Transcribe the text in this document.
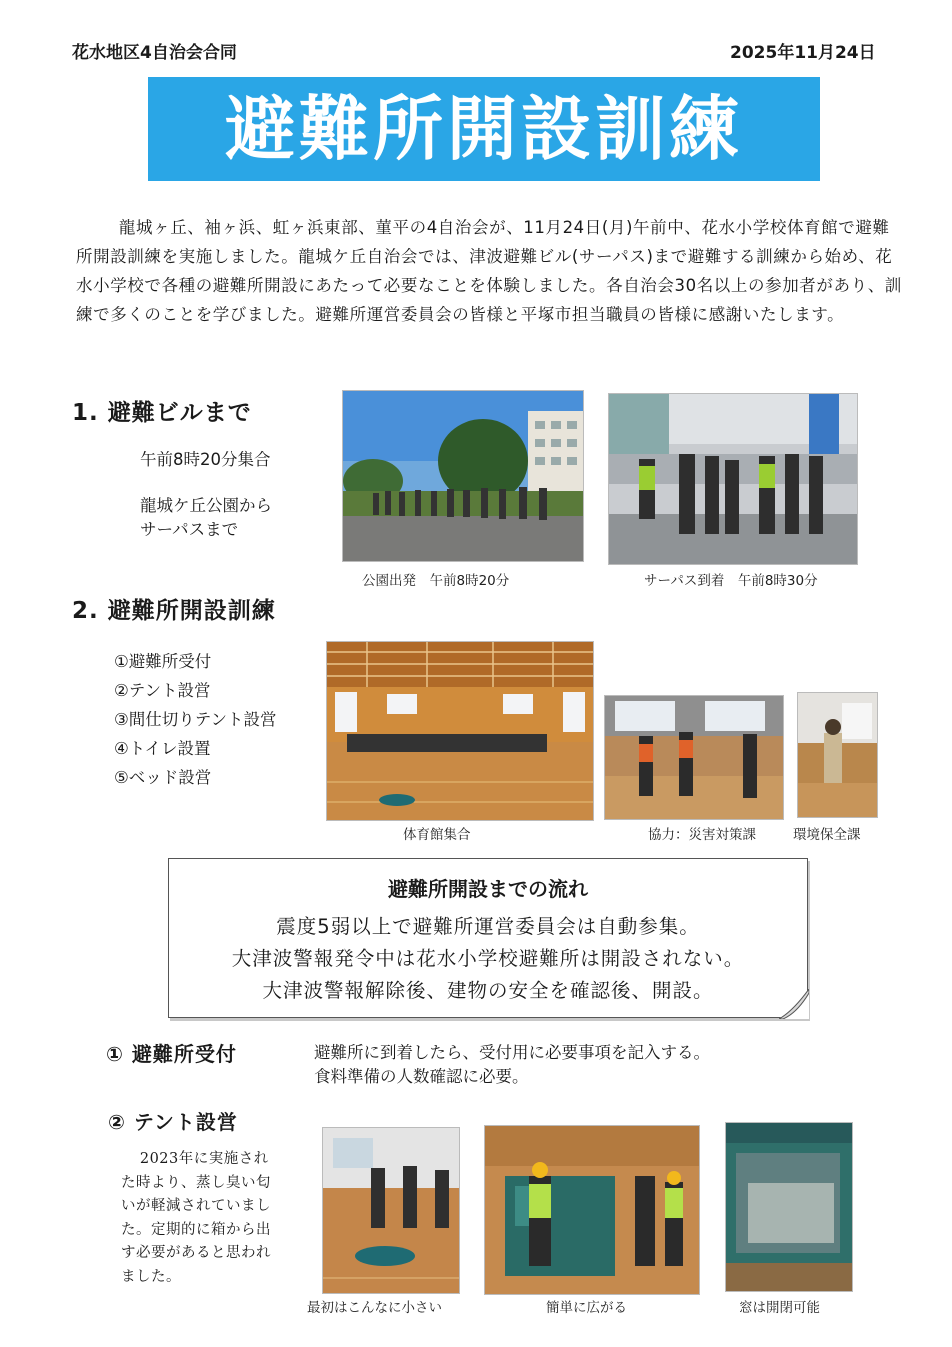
花水地区4自治会合同	2025年11月24日
避難所開設訓練
龍城ヶ丘、袖ヶ浜、虹ヶ浜東部、菫平の4自治会が、11月24日(月)午前中、花水小学校体育館で避難所開設訓練を実施しました。龍城ケ丘自治会では、津波避難ビル(サーパス)まで避難する訓練から始め、花水小学校で各種の避難所開設にあたって必要なことを体験しました。各自治会30名以上の参加者があり、訓練で多くのことを学びました。避難所運営委員会の皆様と平塚市担当職員の皆様に感謝いたします。
1. 避難ビルまで
午前8時20分集合
龍城ケ丘公園から
サーパスまで
公園出発　午前8時20分	サーパス到着　午前8時30分
2. 避難所開設訓練
①避難所受付
②テント設営
③間仕切りテント設営
④トイレ設置
⑤ベッド設営
体育館集合	協力：災害対策課	環境保全課
避難所開設までの流れ
震度5弱以上で避難所運営委員会は自動参集。
大津波警報発令中は花水小学校避難所は開設されない。
大津波警報解除後、建物の安全を確認後、開設。
① 避難所受付	避難所に到着したら、受付用に必要事項を記入する。
食料準備の人数確認に必要。
② テント設営
2023年に実施された時より、蒸し臭い匂いが軽減されていました。定期的に箱から出す必要があると思われました。
最初はこんなに小さい	簡単に広がる	窓は開閉可能
